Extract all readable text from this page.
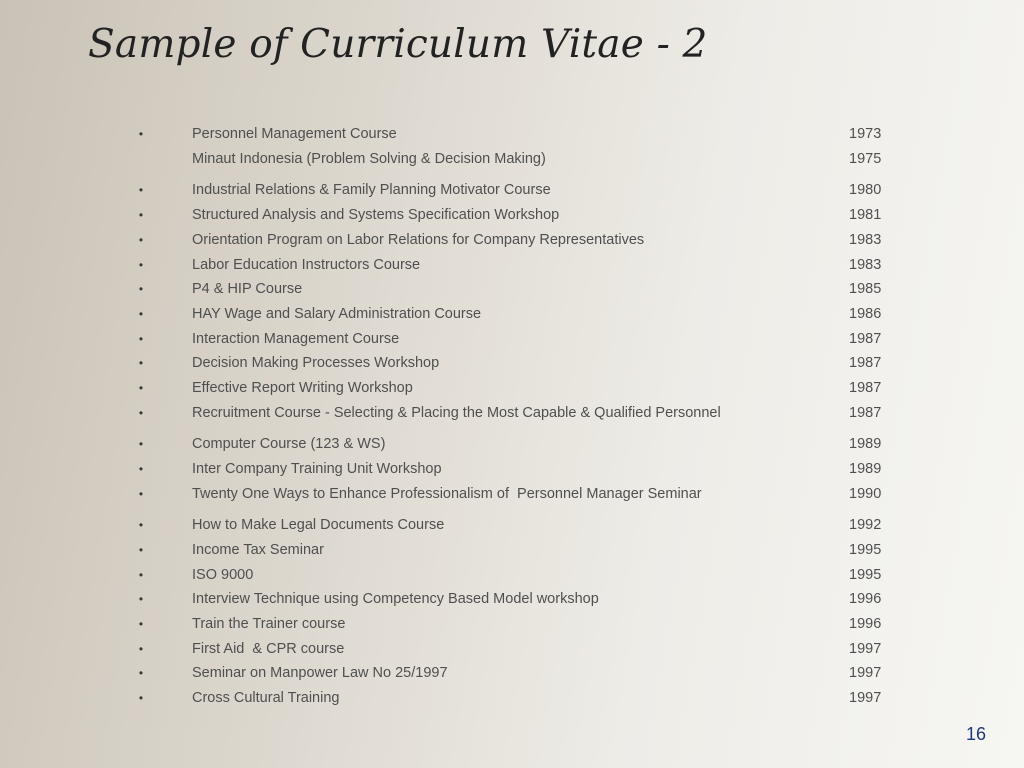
Sample of Curriculum Vitae - 2
•	Personnel Management Course	1973
Minaut Indonesia (Problem Solving & Decision Making)	1975
•	Industrial Relations & Family Planning Motivator Course	1980
•	Structured Analysis and Systems Specification Workshop	1981
•	Orientation Program on Labor Relations for Company Representatives	1983
•	Labor Education Instructors Course	1983
•	P4 & HIP Course	1985
•	HAY Wage and Salary Administration Course	1986
•	Interaction Management Course	1987
•	Decision Making Processes Workshop	1987
•	Effective Report Writing Workshop	1987
•	Recruitment Course - Selecting & Placing the Most Capable & Qualified Personnel	1987
•	Computer Course (123 & WS)	1989
•	Inter Company Training Unit Workshop	1989
•	Twenty One Ways to Enhance Professionalism of  Personnel Manager Seminar	1990
•	How to Make Legal Documents Course	1992
•	Income Tax Seminar	1995
•	ISO 9000	1995
•	Interview Technique using Competency Based Model workshop	1996
•	Train the Trainer course	1996
•	First Aid  & CPR course	1997
•	Seminar on Manpower Law No 25/1997	1997
•	Cross Cultural Training	1997
16
